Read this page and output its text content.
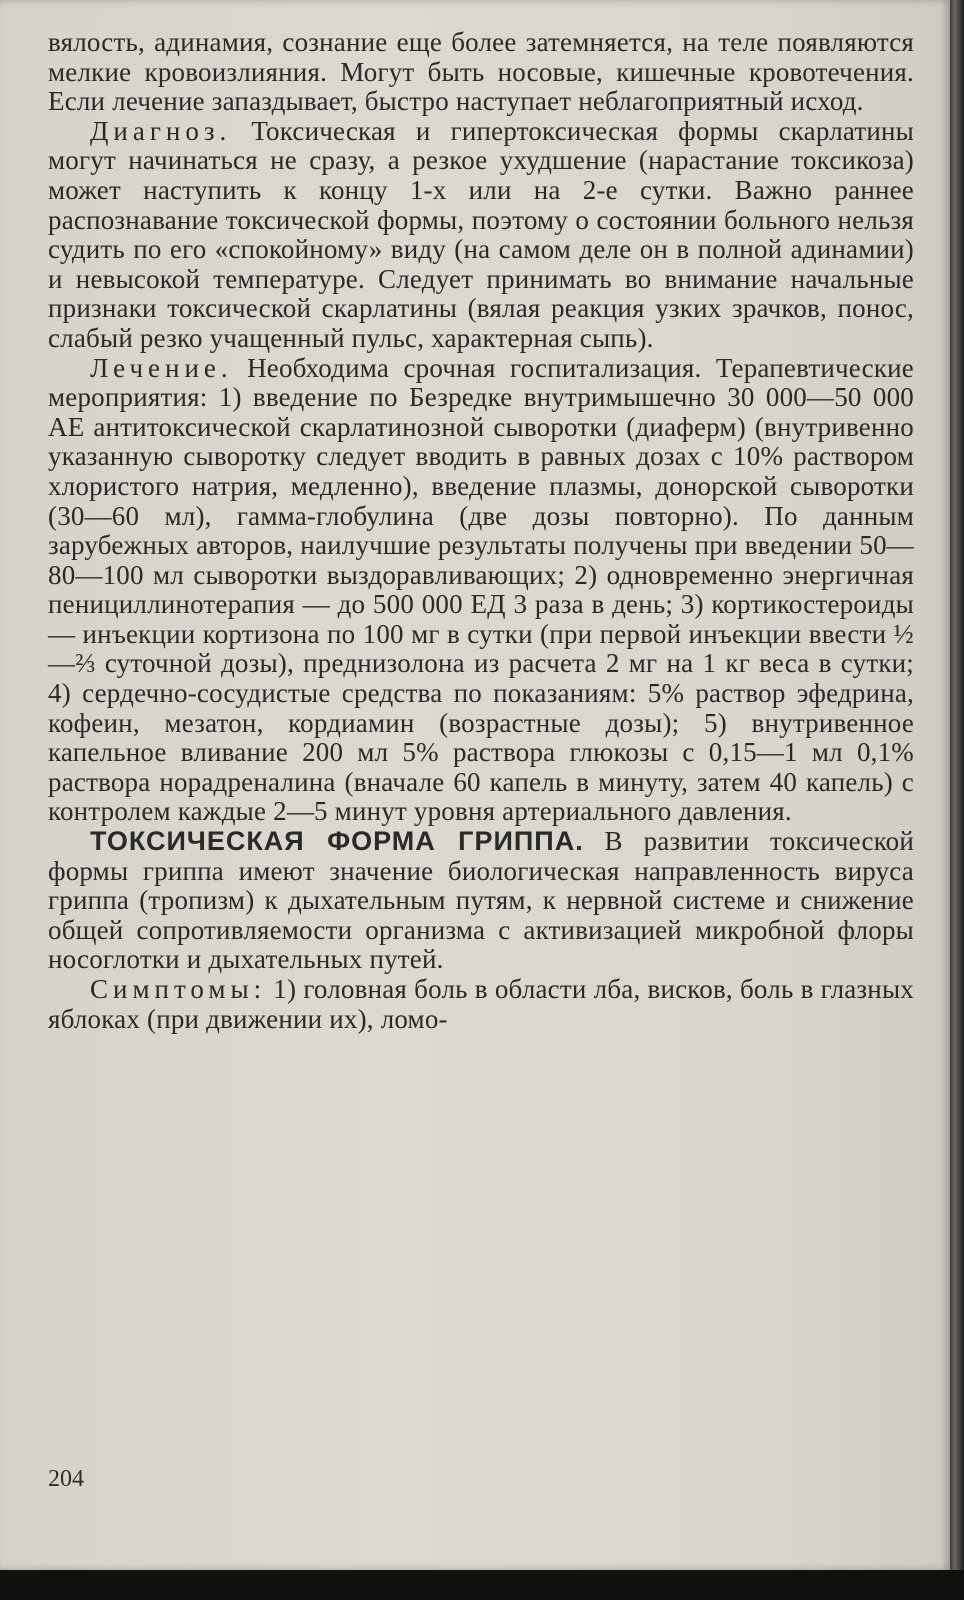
вялость, адинамия, сознание еще более затемняется, на теле появляются мелкие кровоизлияния. Могут быть носовые, кишечные кровотечения. Если лечение запаздывает, быстро наступает неблагоприятный исход.

Диагноз. Токсическая и гипертоксическая формы скарлатины могут начинаться не сразу, а резкое ухудшение (нарастание токсикоза) может наступить к концу 1-х или на 2-е сутки. Важно раннее распознавание токсической формы, поэтому о состоянии больного нельзя судить по его «спокойному» виду (на самом деле он в полной адинамии) и невысокой температуре. Следует принимать во внимание начальные признаки токсической скарлатины (вялая реакция узких зрачков, понос, слабый резко учащенный пульс, характерная сыпь).

Лечение. Необходима срочная госпитализация. Терапевтические мероприятия: 1) введение по Безредке внутримышечно 30 000—50 000 АЕ антитоксической скарлатинозной сыворотки (диаферм) (внутривенно указанную сыворотку следует вводить в равных дозах с 10% раствором хлористого натрия, медленно), введение плазмы, донорской сыворотки (30—60 мл), гамма-глобулина (две дозы повторно). По данным зарубежных авторов, наилучшие результаты получены при введении 50—80—100 мл сыворотки выздоравливающих; 2) одновременно энергичная пенициллинотерапия — до 500 000 ЕД 3 раза в день; 3) кортикостероиды — инъекции кортизона по 100 мг в сутки (при первой инъекции ввести ½—⅔ суточной дозы), преднизолона из расчета 2 мг на 1 кг веса в сутки; 4) сердечно-сосудистые средства по показаниям: 5% раствор эфедрина, кофеин, мезатон, кордиамин (возрастные дозы); 5) внутривенное капельное вливание 200 мл 5% раствора глюкозы с 0,15—1 мл 0,1% раствора норадреналина (вначале 60 капель в минуту, затем 40 капель) с контролем каждые 2—5 минут уровня артериального давления.

ТОКСИЧЕСКАЯ ФОРМА ГРИППА. В развитии токсической формы гриппа имеют значение биологическая направленность вируса гриппа (тропизм) к дыхательным путям, к нервной системе и снижение общей сопротивляемости организма с активизацией микробной флоры носоглотки и дыхательных путей.

Симптомы: 1) головная боль в области лба, висков, боль в глазных яблоках (при движении их), ломо-

204
